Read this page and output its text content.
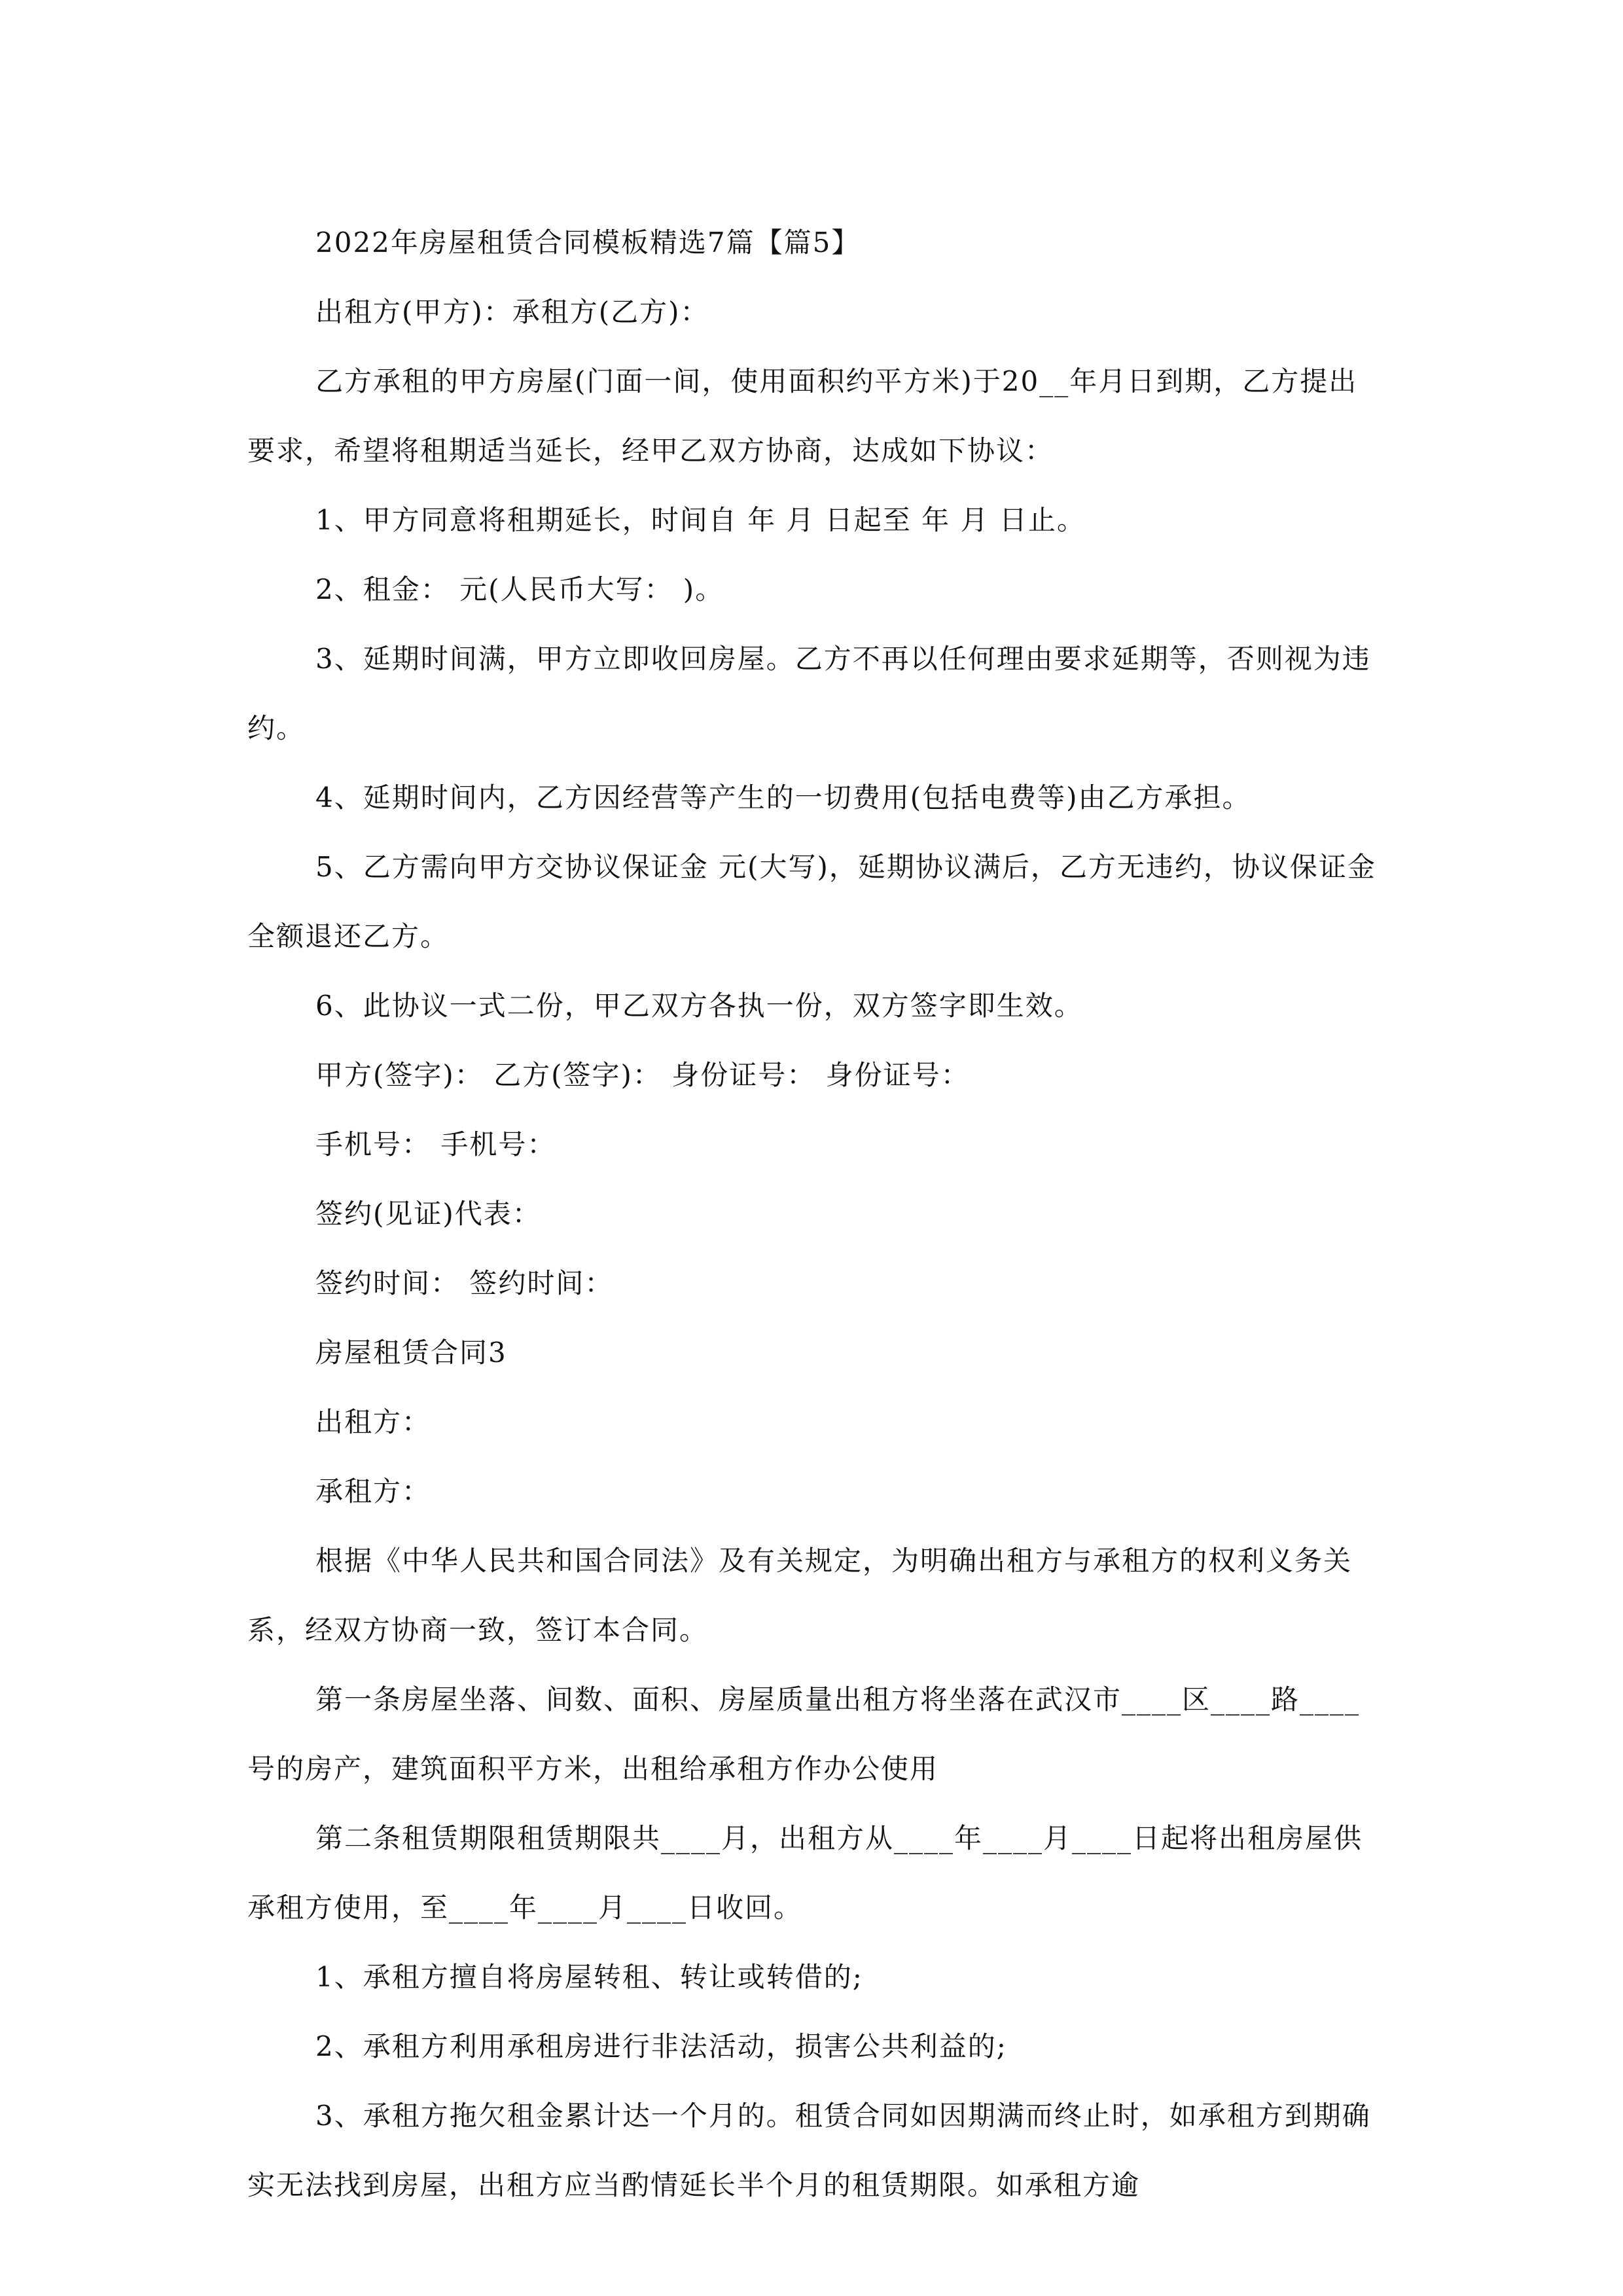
2022年房屋租赁合同模板精选7篇【篇5】

出租方(甲方)：承租方(乙方)：

乙方承租的甲方房屋(门面一间，使用面积约平方米)于20__年月日到期，乙方提出要求，希望将租期适当延长，经甲乙双方协商，达成如下协议：

1、甲方同意将租期延长，时间自 年 月 日起至 年 月 日止。

2、租金： 元(人民币大写： )。

3、延期时间满，甲方立即收回房屋。乙方不再以任何理由要求延期等，否则视为违约。

4、延期时间内，乙方因经营等产生的一切费用(包括电费等)由乙方承担。

5、乙方需向甲方交协议保证金 元(大写)，延期协议满后，乙方无违约，协议保证金全额退还乙方。

6、此协议一式二份，甲乙双方各执一份，双方签字即生效。

甲方(签字)： 乙方(签字)： 身份证号： 身份证号：

手机号： 手机号：

签约(见证)代表：

签约时间： 签约时间：

房屋租赁合同3

出租方：

承租方：

根据《中华人民共和国合同法》及有关规定，为明确出租方与承租方的权利义务关系，经双方协商一致，签订本合同。

第一条房屋坐落、间数、面积、房屋质量出租方将坐落在武汉市____区____路____号的房产，建筑面积平方米，出租给承租方作办公使用

第二条租赁期限租赁期限共____月，出租方从____年____月____日起将出租房屋供承租方使用，至____年____月____日收回。

1、承租方擅自将房屋转租、转让或转借的;

2、承租方利用承租房进行非法活动，损害公共利益的;

3、承租方拖欠租金累计达一个月的。租赁合同如因期满而终止时，如承租方到期确实无法找到房屋，出租方应当酌情延长半个月的租赁期限。如承租方逾
